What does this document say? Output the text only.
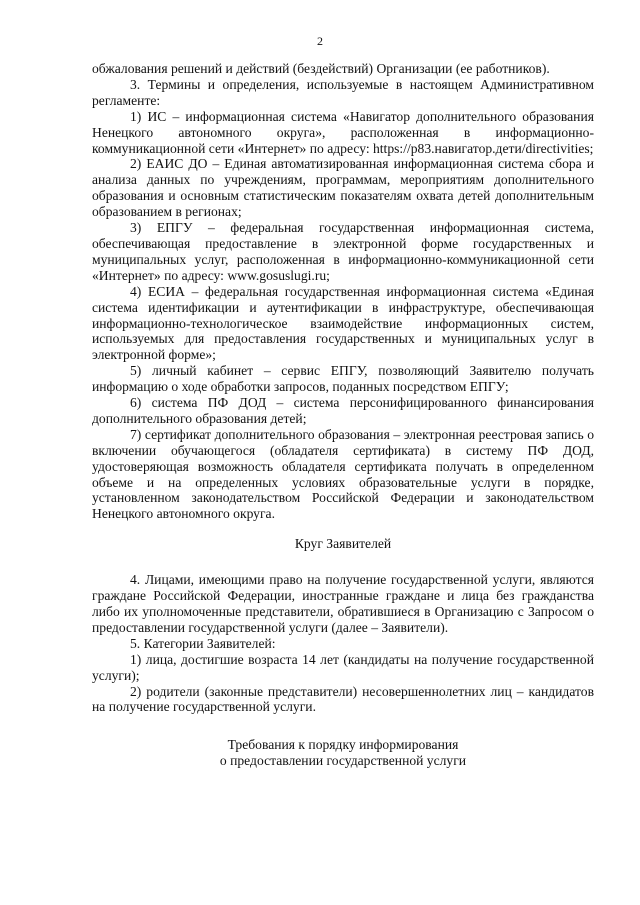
2

обжалования решений и действий (бездействий) Организации (ее работников).

3. Термины и определения, используемые в настоящем Административном регламенте:

1) ИС – информационная система «Навигатор дополнительного образования Ненецкого автономного округа», расположенная в информационно-коммуникационной сети «Интернет» по адресу: https://p83.навигатор.дети/directivities;

2) ЕАИС ДО – Единая автоматизированная информационная система сбора и анализа данных по учреждениям, программам, мероприятиям дополнительного образования и основным статистическим показателям охвата детей дополнительным образованием в регионах;

3) ЕПГУ – федеральная государственная информационная система, обеспечивающая предоставление в электронной форме государственных и муниципальных услуг, расположенная в информационно-коммуникационной сети «Интернет» по адресу: www.gosuslugi.ru;

4) ЕСИА – федеральная государственная информационная система «Единая система идентификации и аутентификации в инфраструктуре, обеспечивающая информационно-технологическое взаимодействие информационных систем, используемых для предоставления государственных и муниципальных услуг в электронной форме»;

5) личный кабинет – сервис ЕПГУ, позволяющий Заявителю получать информацию о ходе обработки запросов, поданных посредством ЕПГУ;

6) система ПФ ДОД – система персонифицированного финансирования дополнительного образования детей;

7) сертификат дополнительного образования – электронная реестровая запись о включении обучающегося (обладателя сертификата) в систему ПФ ДОД, удостоверяющая возможность обладателя сертификата получать в определенном объеме и на определенных условиях образовательные услуги в порядке, установленном законодательством Российской Федерации и законодательством Ненецкого автономного округа.

Круг Заявителей

4. Лицами, имеющими право на получение государственной услуги, являются граждане Российской Федерации, иностранные граждане и лица без гражданства либо их уполномоченные представители, обратившиеся в Организацию с Запросом о предоставлении государственной услуги (далее – Заявители).

5. Категории Заявителей:

1) лица, достигшие возраста 14 лет (кандидаты на получение государственной услуги);

2) родители (законные представители) несовершеннолетних лиц – кандидатов на получение государственной услуги.

Требования к порядку информирования

о предоставлении государственной услуги
